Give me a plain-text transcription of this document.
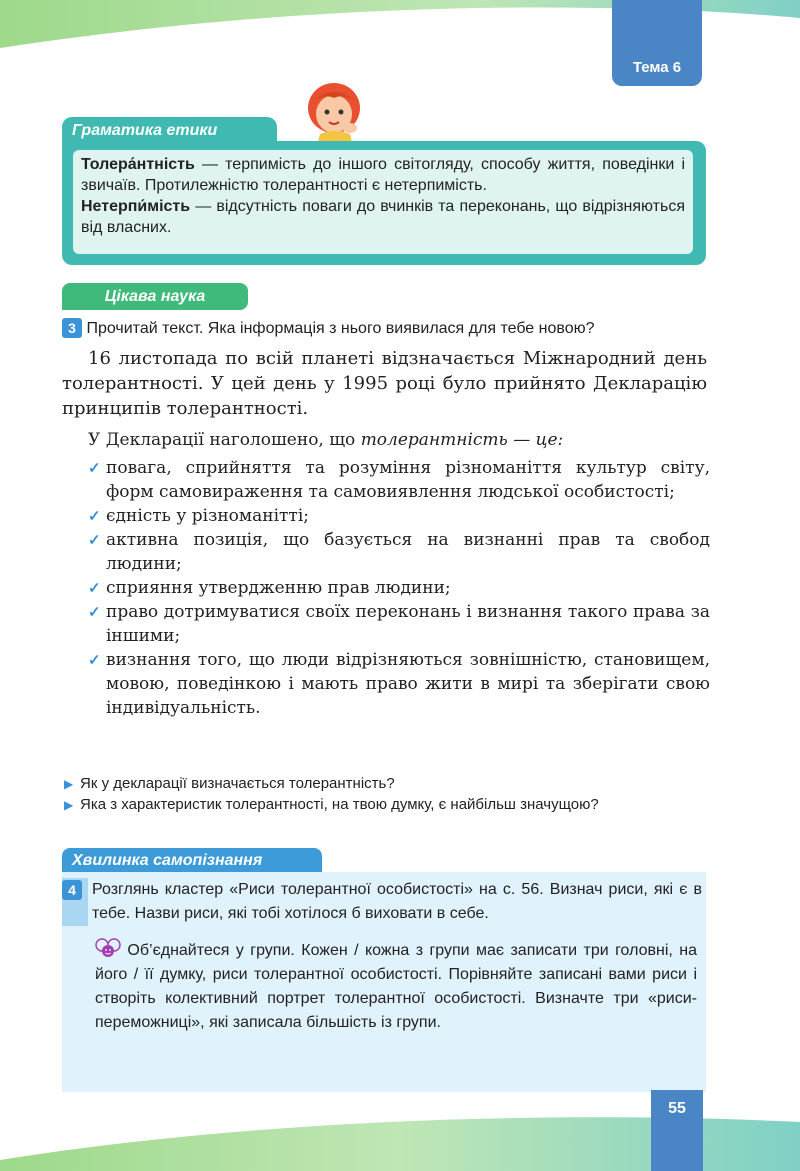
Тема 6
Граматика етики

Толера́нтність — терпимість до іншого світогляду, способу життя, поведінки і звичаїв. Протилежністю толерантності є нетерпимість.

Нетерпи́мість — відсутність поваги до вчинків та переконань, що відрізняються від власних.

Цікава наука
3 Прочитай текст. Яка інформація з нього виявилася для тебе новою?

16 листопада по всій планеті відзначається Міжнародний день толерантності. У цей день у 1995 році було прийнято Декларацію принципів толерантності.

У Декларації наголошено, що толерантність — це:
✓ повага, сприйняття та розуміння різноманіття культур світу, форм самовираження та самовиявлення людської особистості;
✓ єдність у різноманітті;
✓ активна позиція, що базується на визнанні прав та свобод людини;
✓ сприяння утвердженню прав людини;
✓ право дотримуватися своїх переконань і визнання такого права за іншими;
✓ визнання того, що люди відрізняються зовнішністю, становищем, мовою, поведінкою і мають право жити в мирі та зберігати свою індивідуальність.
▶ Як у декларації визначається толерантність?
▶ Яка з характеристик толерантності, на твою думку, є найбільш значущою?
Хвилинка самопізнання
4	Розглянь кластер «Риси толерантної особистості» на с. 56. Визнач риси, які є в тебе. Назви риси, які тобі хотілося б виховати в себе.
Об’єднайтеся у групи. Кожен / кожна з групи має записати три головні, на його / її думку, риси толерантної особистості. Порівняйте записані вами риси і створіть колективний портрет толерантної особистості. Визначте три «риси-переможниці», які записала більшість із групи.
55
